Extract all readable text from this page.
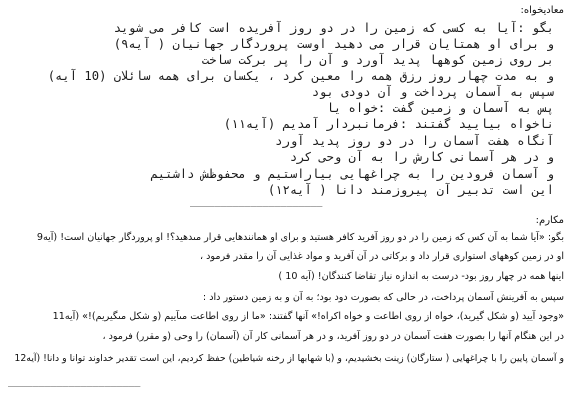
معادیخواه:
بگو :آیا به کسی که زمین را در دو روز آفریده است کافر می شوید
و برای او همتایان قرار می دهید اوست پروردگار جهانیان ( آیه۹)
بر روی زمین کوهها پدید آورد و آن را پر برکت ساخت
و به مدت چهار روز رزق همه را معین کرد ، یکسان برای همه سائلان (10 آیه)
سپس به آسمان پرداخت و آن دودی بود
پس به آسمان و زمین گفت :خواه یا
ناخواه بیایید گفتند :فرمانبردار آمدیم (آیه۱۱)
آنگاه هفت آسمان را در دو روز پدید آورد
و در هر آسمانی کارش را به آن وحی کرد
و آسمان فرودین را به چراغهایی بیاراستیم و محفوظش داشتیم
این است تدبیر آن پیروزمند دانا ( آیه۱۲)
______________________
مکارم:
بگو: «آیا شما به آن کس که زمین را در دو روز آفرید کافر هستید و برای او همانندهایی قرار مى‏دهید؟! او پروردگار جهانیان است! (آیه9
او در زمین کوههای استواری قرار داد و برکاتی در آن آفرید و مواد غذایی آن را مقدر فرمود ،
اینها همه در چهار روز بود- درست به اندازه نیاز تقاضا کنندگان! (آیه 10 )
سپس به آفرینش آسمان پرداخت، در حالی که بصورت دود بود؛ به آن و به زمین دستور داد :
«وجود آیید (و شکل گیرید)، خواه از روی اطاعت و خواه اکراه!» آنها گفتند: «ما از روی اطاعت مى‏آییم (و شکل مى‏گیریم)!» (آیه11
در این هنگام آنها را بصورت هفت آسمان در دو روز آفرید، و در هر آسمانی کار آن (آسمان) را وحی (و مقرر) فرمود ،
و آسمان پایین را با چراغهایی ( ستارگان) زینت بخشیدیم، و (با شهابها از رخنه شیاطین) حفظ کردیم، این است تقدیر خداوند توانا و دانا! (آیه12
______________________
